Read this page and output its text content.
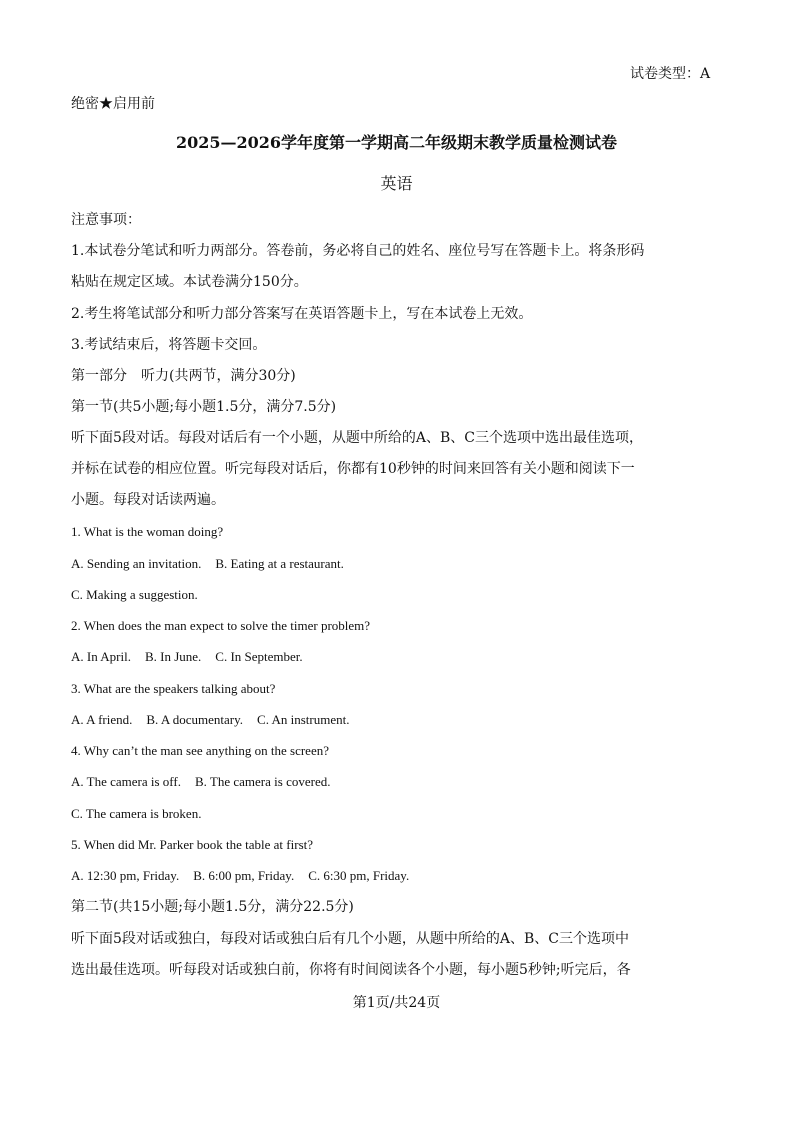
试卷类型：A
绝密★启用前
2025—2026学年度第一学期高二年级期末教学质量检测试卷
英语
注意事项：
1.本试卷分笔试和听力两部分。答卷前，务必将自己的姓名、座位号写在答题卡上。将条形码
粘贴在规定区域。本试卷满分150分。
2.考生将笔试部分和听力部分答案写在英语答题卡上，写在本试卷上无效。
3.考试结束后，将答题卡交回。
第一部分　听力(共两节，满分30分)
第一节(共5小题;每小题1.5分，满分7.5分)
听下面5段对话。每段对话后有一个小题，从题中所给的A、B、C三个选项中选出最佳选项，
并标在试卷的相应位置。听完每段对话后，你都有10秒钟的时间来回答有关小题和阅读下一
小题。每段对话读两遍。
1. What is the woman doing?
A. Sending an invitation. B. Eating at a restaurant.
C. Making a suggestion.
2. When does the man expect to solve the timer problem?
A. In April. B. In June. C. In September.
3. What are the speakers talking about?
A. A friend. B. A documentary. C. An instrument.
4. Why can’t the man see anything on the screen?
A. The camera is off. B. The camera is covered.
C. The camera is broken.
5. When did Mr. Parker book the table at first?
A. 12:30 pm, Friday. B. 6:00 pm, Friday. C. 6:30 pm, Friday.
第二节(共15小题;每小题1.5分，满分22.5分)
听下面5段对话或独白，每段对话或独白后有几个小题，从题中所给的A、B、C三个选项中
选出最佳选项。听每段对话或独白前，你将有时间阅读各个小题，每小题5秒钟;听完后，各
第1页/共24页
